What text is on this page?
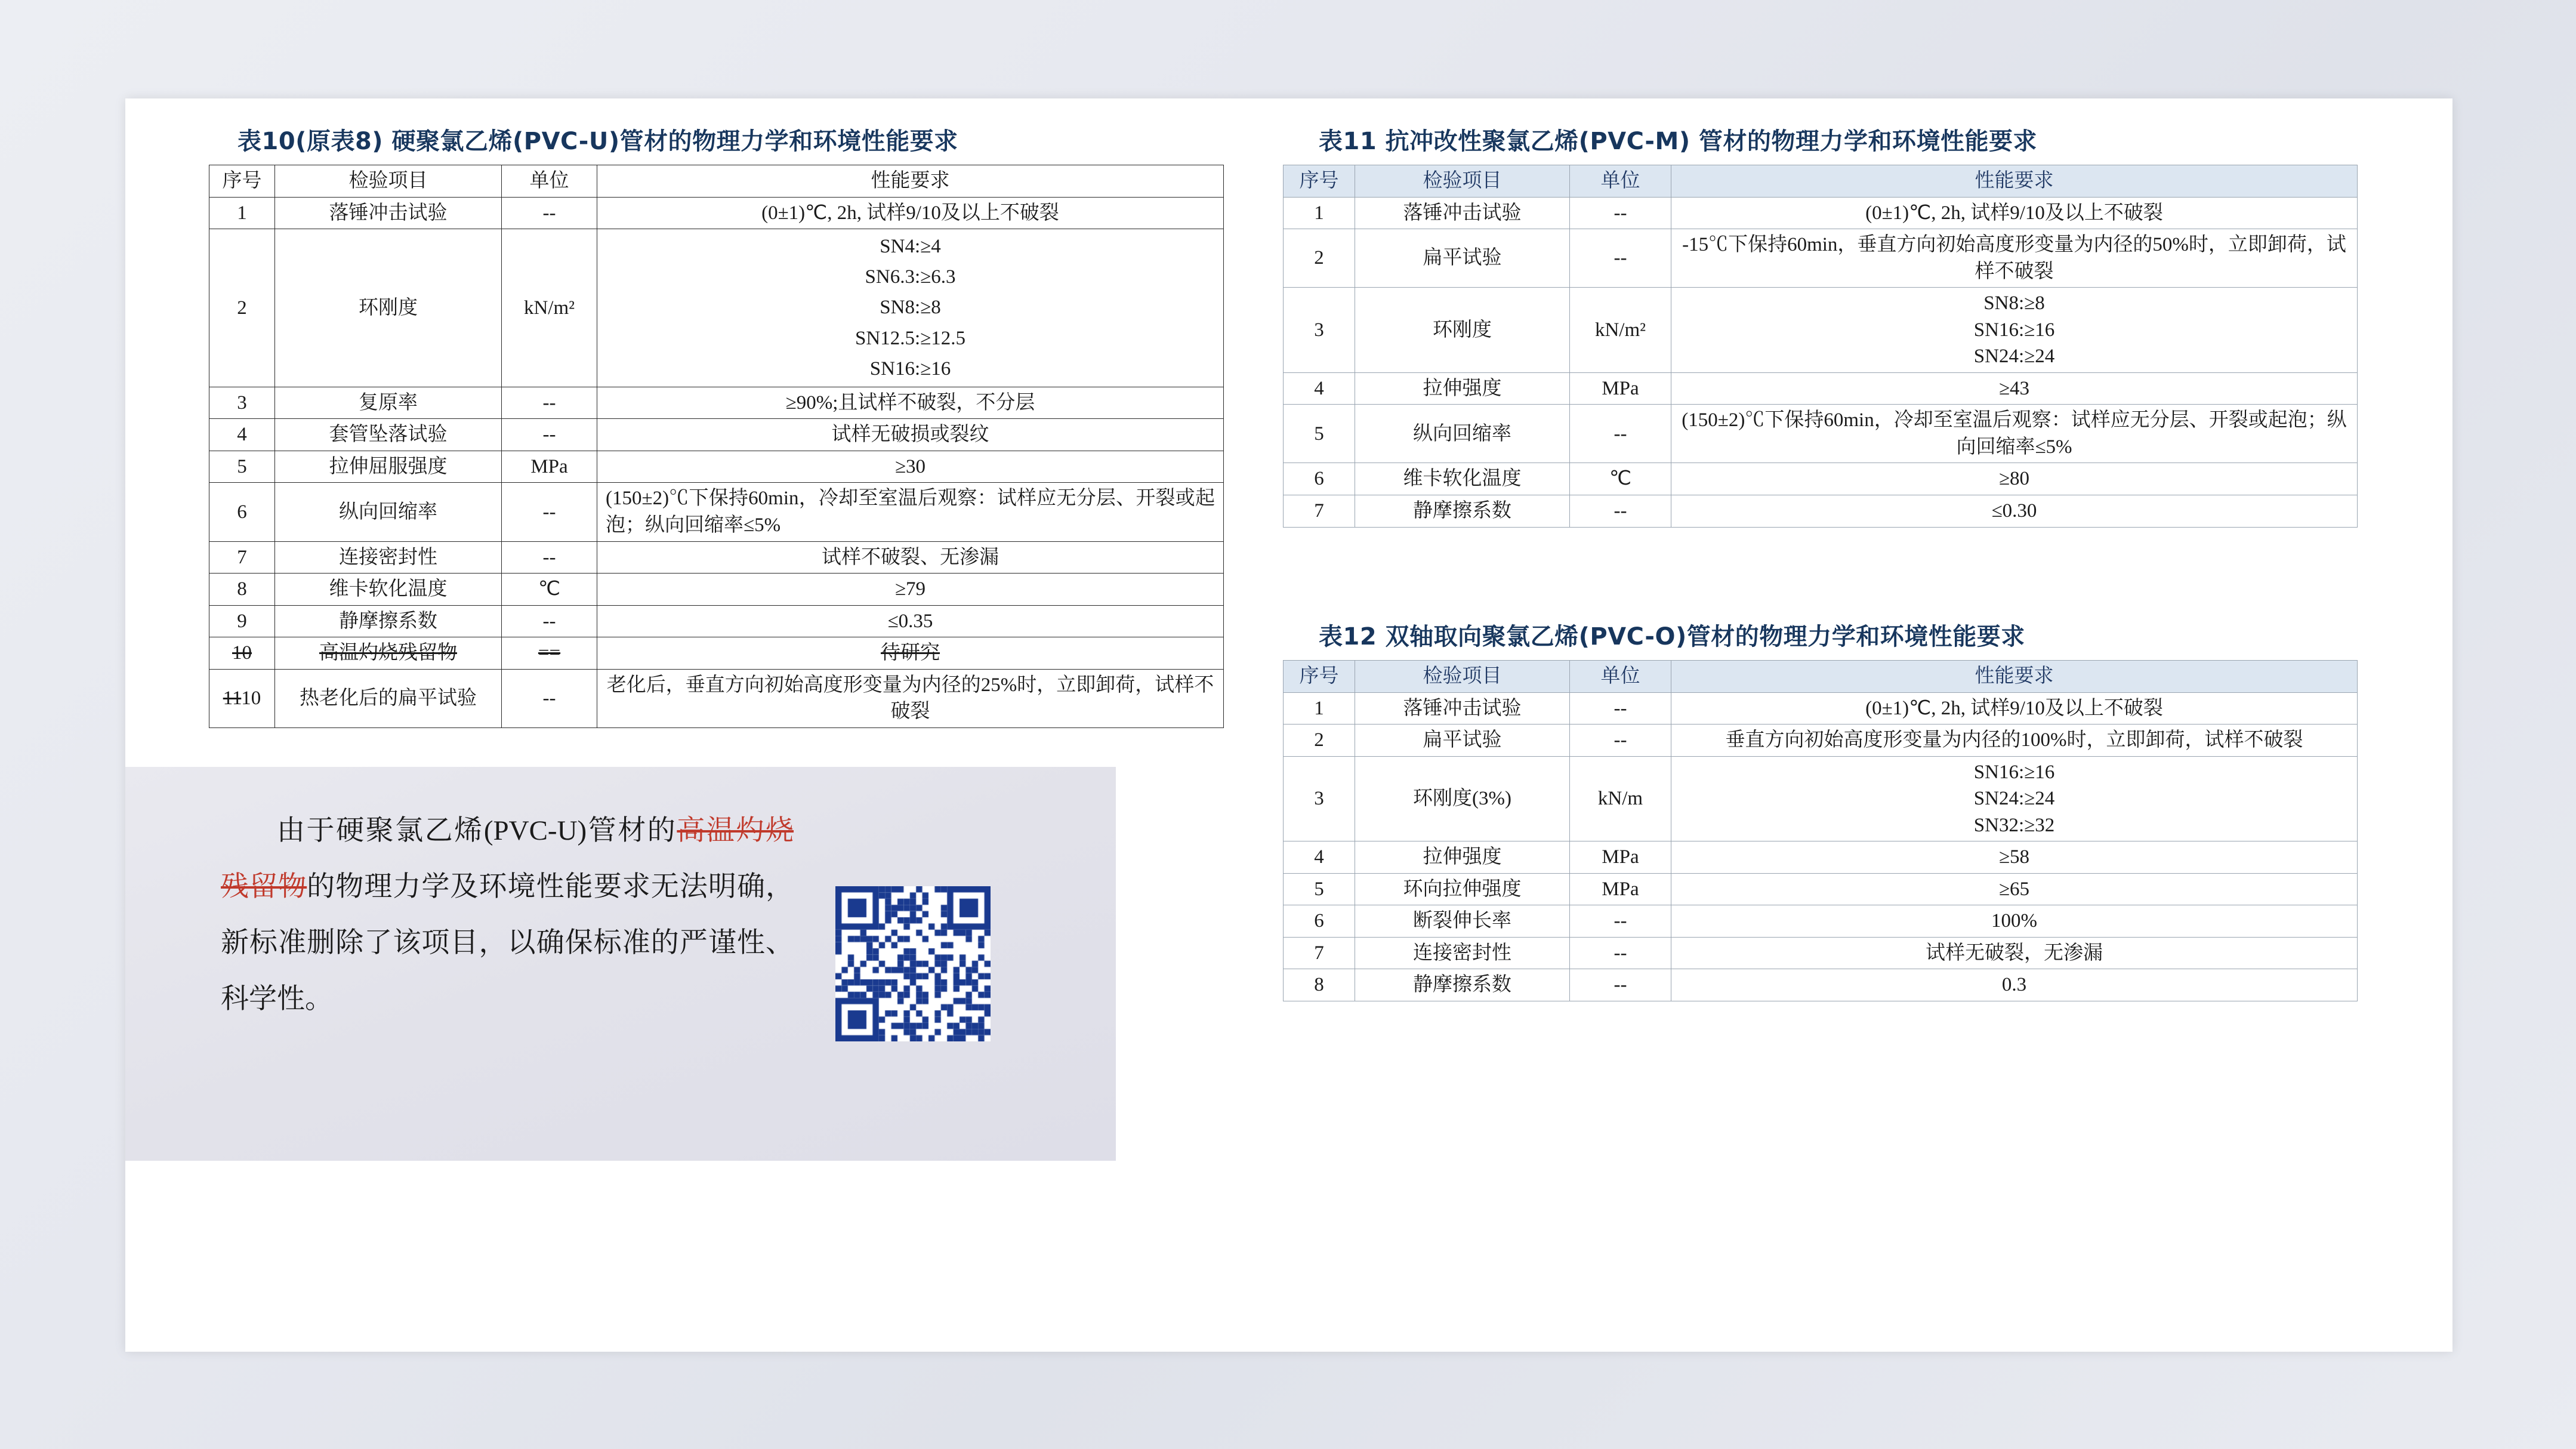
表10(原表8) 硬聚氯乙烯(PVC-U)管材的物理力学和环境性能要求
序号	检验项目	单位	性能要求
1	落锤冲击试验	--	(0±1)℃, 2h, 试样9/10及以上不破裂
2	环刚度	kN/m²	SN4:≥4
SN6.3:≥6.3
SN8:≥8
SN12.5:≥12.5
SN16:≥16
3	复原率	--	≥90%;且试样不破裂，不分层
4	套管坠落试验	--	试样无破损或裂纹
5	拉伸屈服强度	MPa	≥30
6	纵向回缩率	--	(150±2)℃下保持60min，冷却至室温后观察：试样应无分层、开裂或起泡；纵向回缩率≤5%
7	连接密封性	--	试样不破裂、无渗漏
8	维卡软化温度	℃	≥79
9	静摩擦系数	--	≤0.35
10	高温灼烧残留物	==	待研究
1110	热老化后的扁平试验	--	老化后，垂直方向初始高度形变量为内径的25%时，立即卸荷，试样不破裂
表11 抗冲改性聚氯乙烯(PVC-M) 管材的物理力学和环境性能要求
序号	检验项目	单位	性能要求
1	落锤冲击试验	--	(0±1)℃, 2h, 试样9/10及以上不破裂
2	扁平试验	--	-15℃下保持60min，垂直方向初始高度形变量为内径的50%时，立即卸荷，试样不破裂
3	环刚度	kN/m²	SN8:≥8
SN16:≥16
SN24:≥24
4	拉伸强度	MPa	≥43
5	纵向回缩率	--	(150±2)℃下保持60min，冷却至室温后观察：试样应无分层、开裂或起泡；纵向回缩率≤5%
6	维卡软化温度	℃	≥80
7	静摩擦系数	--	≤0.30
表12 双轴取向聚氯乙烯(PVC-O)管材的物理力学和环境性能要求
序号	检验项目	单位	性能要求
1	落锤冲击试验	--	(0±1)℃, 2h, 试样9/10及以上不破裂
2	扁平试验	--	垂直方向初始高度形变量为内径的100%时，立即卸荷，试样不破裂
3	环刚度(3%)	kN/m	SN16:≥16
SN24:≥24
SN32:≥32
4	拉伸强度	MPa	≥58
5	环向拉伸强度	MPa	≥65
6	断裂伸长率	--	100%
7	连接密封性	--	试样无破裂，无渗漏
8	静摩擦系数	--	0.3
由于硬聚氯乙烯(PVC-U)管材的高温灼烧残留物的物理力学及环境性能要求无法明确，新标准删除了该项目，以确保标准的严谨性、科学性。
